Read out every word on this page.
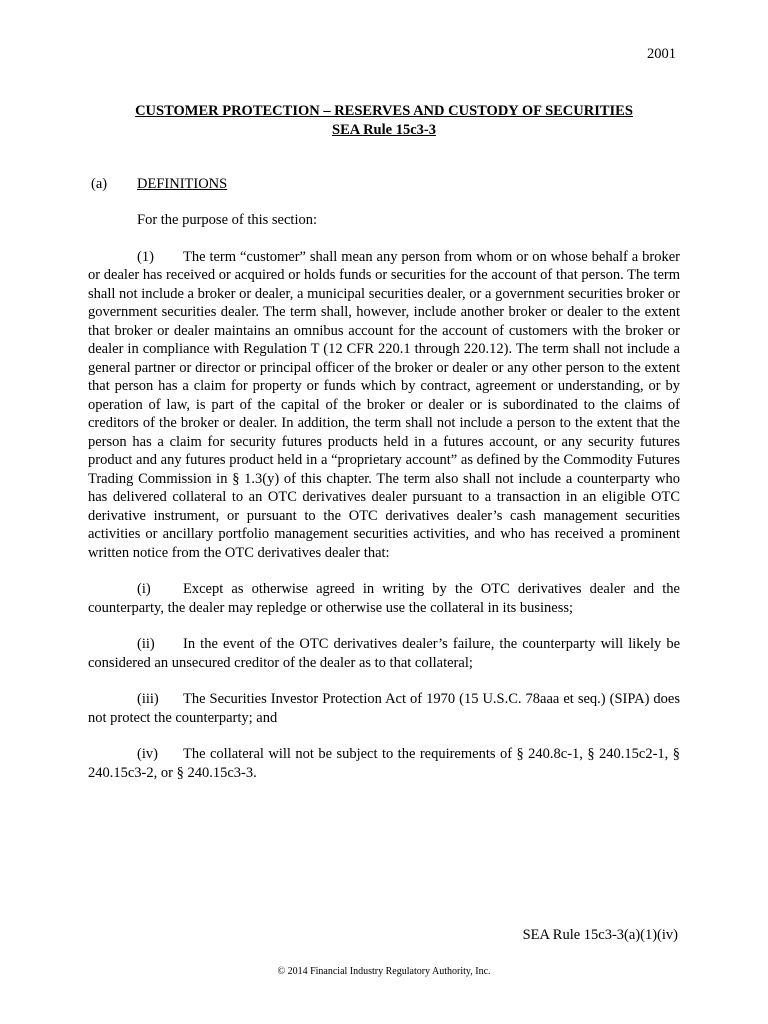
2001
CUSTOMER PROTECTION – RESERVES AND CUSTODY OF SECURITIES
SEA Rule 15c3-3
(a) DEFINITIONS

For the purpose of this section:

(1) The term “customer” shall mean any person from whom or on whose behalf a broker or dealer has received or acquired or holds funds or securities for the account of that person. The term shall not include a broker or dealer, a municipal securities dealer, or a government securities broker or government securities dealer. The term shall, however, include another broker or dealer to the extent that broker or dealer maintains an omnibus account for the account of customers with the broker or dealer in compliance with Regulation T (12 CFR 220.1 through 220.12). The term shall not include a general partner or director or principal officer of the broker or dealer or any other person to the extent that person has a claim for property or funds which by contract, agreement or understanding, or by operation of law, is part of the capital of the broker or dealer or is subordinated to the claims of creditors of the broker or dealer. In addition, the term shall not include a person to the extent that the person has a claim for security futures products held in a futures account, or any security futures product and any futures product held in a “proprietary account” as defined by the Commodity Futures Trading Commission in § 1.3(y) of this chapter. The term also shall not include a counterparty who has delivered collateral to an OTC derivatives dealer pursuant to a transaction in an eligible OTC derivative instrument, or pursuant to the OTC derivatives dealer’s cash management securities activities or ancillary portfolio management securities activities, and who has received a prominent written notice from the OTC derivatives dealer that:

(i) Except as otherwise agreed in writing by the OTC derivatives dealer and the counterparty, the dealer may repledge or otherwise use the collateral in its business;

(ii) In the event of the OTC derivatives dealer’s failure, the counterparty will likely be considered an unsecured creditor of the dealer as to that collateral;

(iii) The Securities Investor Protection Act of 1970 (15 U.S.C. 78aaa et seq.) (SIPA) does not protect the counterparty; and

(iv) The collateral will not be subject to the requirements of § 240.8c-1, § 240.15c2-1, § 240.15c3-2, or § 240.15c3-3.

SEA Rule 15c3-3(a)(1)(iv)
© 2014 Financial Industry Regulatory Authority, Inc.
